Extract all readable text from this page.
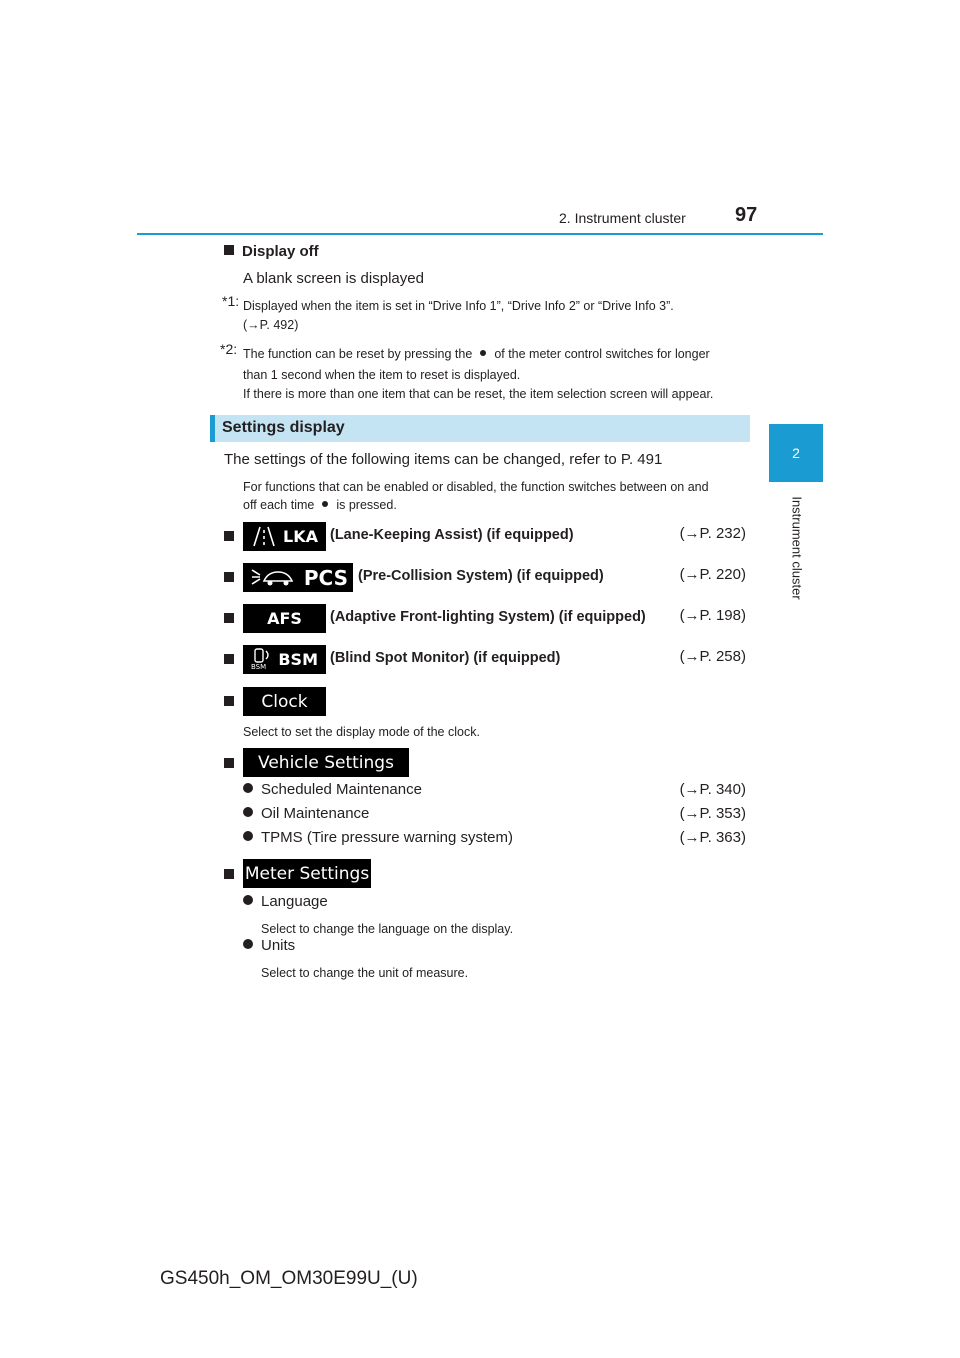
2. Instrument cluster 97
2
Instrument cluster
Display off
A blank screen is displayed
*1: Displayed when the item is set in “Drive Info 1”, “Drive Info 2” or “Drive Info 3”.
(→P. 492)
*2: The function can be reset by pressing the of the meter control switches for longer
than 1 second when the item to reset is displayed.
If there is more than one item that can be reset, the item selection screen will appear.
Settings display
The settings of the following items can be changed, refer to P. 491
For functions that can be enabled or disabled, the function switches between on and
off each time is pressed.
LKA (Lane-Keeping Assist) (if equipped)	(→P. 232)
PCS (Pre-Collision System) (if equipped)	(→P. 220)
AFS (Adaptive Front-lighting System) (if equipped)	(→P. 198)
BSM BSM (Blind Spot Monitor) (if equipped)	(→P. 258)
Clock
Select to set the display mode of the clock.
Vehicle Settings
Scheduled Maintenance	(→P. 340)
Oil Maintenance	(→P. 353)
TPMS (Tire pressure warning system)	(→P. 363)
Meter Settings
Language
Select to change the language on the display.
Units
Select to change the unit of measure.
GS450h_OM_OM30E99U_(U)
